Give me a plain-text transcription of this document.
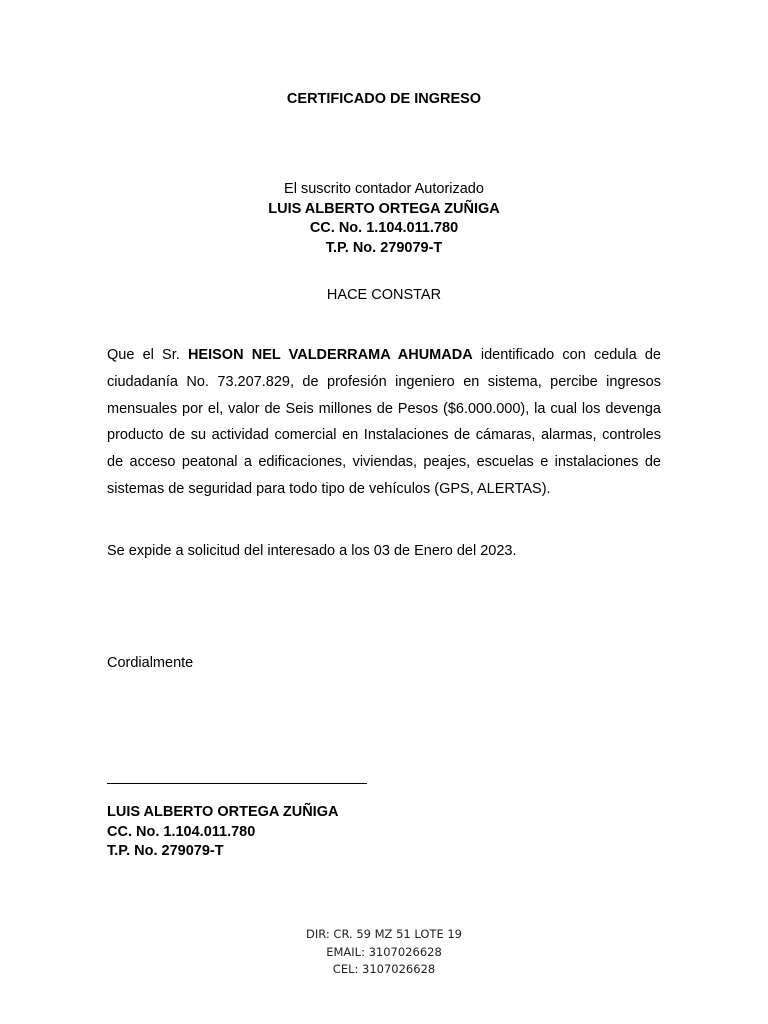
CERTIFICADO DE INGRESO
El suscrito contador Autorizado
LUIS ALBERTO ORTEGA ZUÑIGA
CC. No. 1.104.011.780
T.P. No. 279079-T
HACE CONSTAR
Que el Sr. HEISON NEL VALDERRAMA AHUMADA identificado con cedula de ciudadanía No. 73.207.829, de profesión ingeniero en sistema, percibe ingresos mensuales por el, valor de Seis millones de Pesos ($6.000.000), la cual los devenga producto de su actividad comercial en Instalaciones de cámaras, alarmas, controles de acceso peatonal a edificaciones, viviendas, peajes, escuelas e instalaciones de sistemas de seguridad para todo tipo de vehículos (GPS, ALERTAS).
Se expide a solicitud del interesado a los 03 de Enero del 2023.
Cordialmente
LUIS ALBERTO ORTEGA ZUÑIGA
CC. No. 1.104.011.780
T.P. No. 279079-T
DIR: CR. 59 MZ 51 LOTE 19
EMAIL: 3107026628
CEL: 3107026628
